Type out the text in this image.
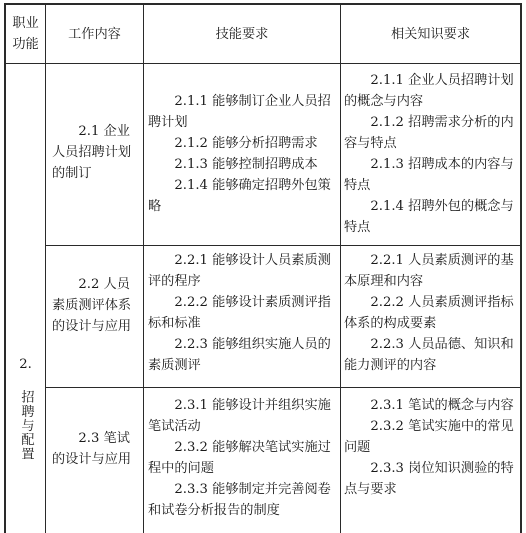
职业功能
工作内容	技能要求	相关知识要求
2.
招聘与配置
2.1 企业人员招聘计划的制订
2.1.1 能够制订企业人员招聘计划
2.1.2 能够分析招聘需求
2.1.3 能够控制招聘成本
2.1.4 能够确定招聘外包策略
2.1.1 企业人员招聘计划的概念与内容
2.1.2 招聘需求分析的内容与特点
2.1.3 招聘成本的内容与特点
2.1.4 招聘外包的概念与特点
2.2 人员素质测评体系的设计与应用
2.2.1 能够设计人员素质测评的程序
2.2.2 能够设计素质测评指标和标准
2.2.3 能够组织实施人员的素质测评
2.2.1 人员素质测评的基本原理和内容
2.2.2 人员素质测评指标体系的构成要素
2.2.3 人员品德、知识和能力测评的内容
2.3 笔试的设计与应用
2.3.1 能够设计并组织实施笔试活动
2.3.2 能够解决笔试实施过程中的问题
2.3.3 能够制定并完善阅卷和试卷分析报告的制度
2.3.1 笔试的概念与内容
2.3.2 笔试实施中的常见问题
2.3.3 岗位知识测验的特点与要求
